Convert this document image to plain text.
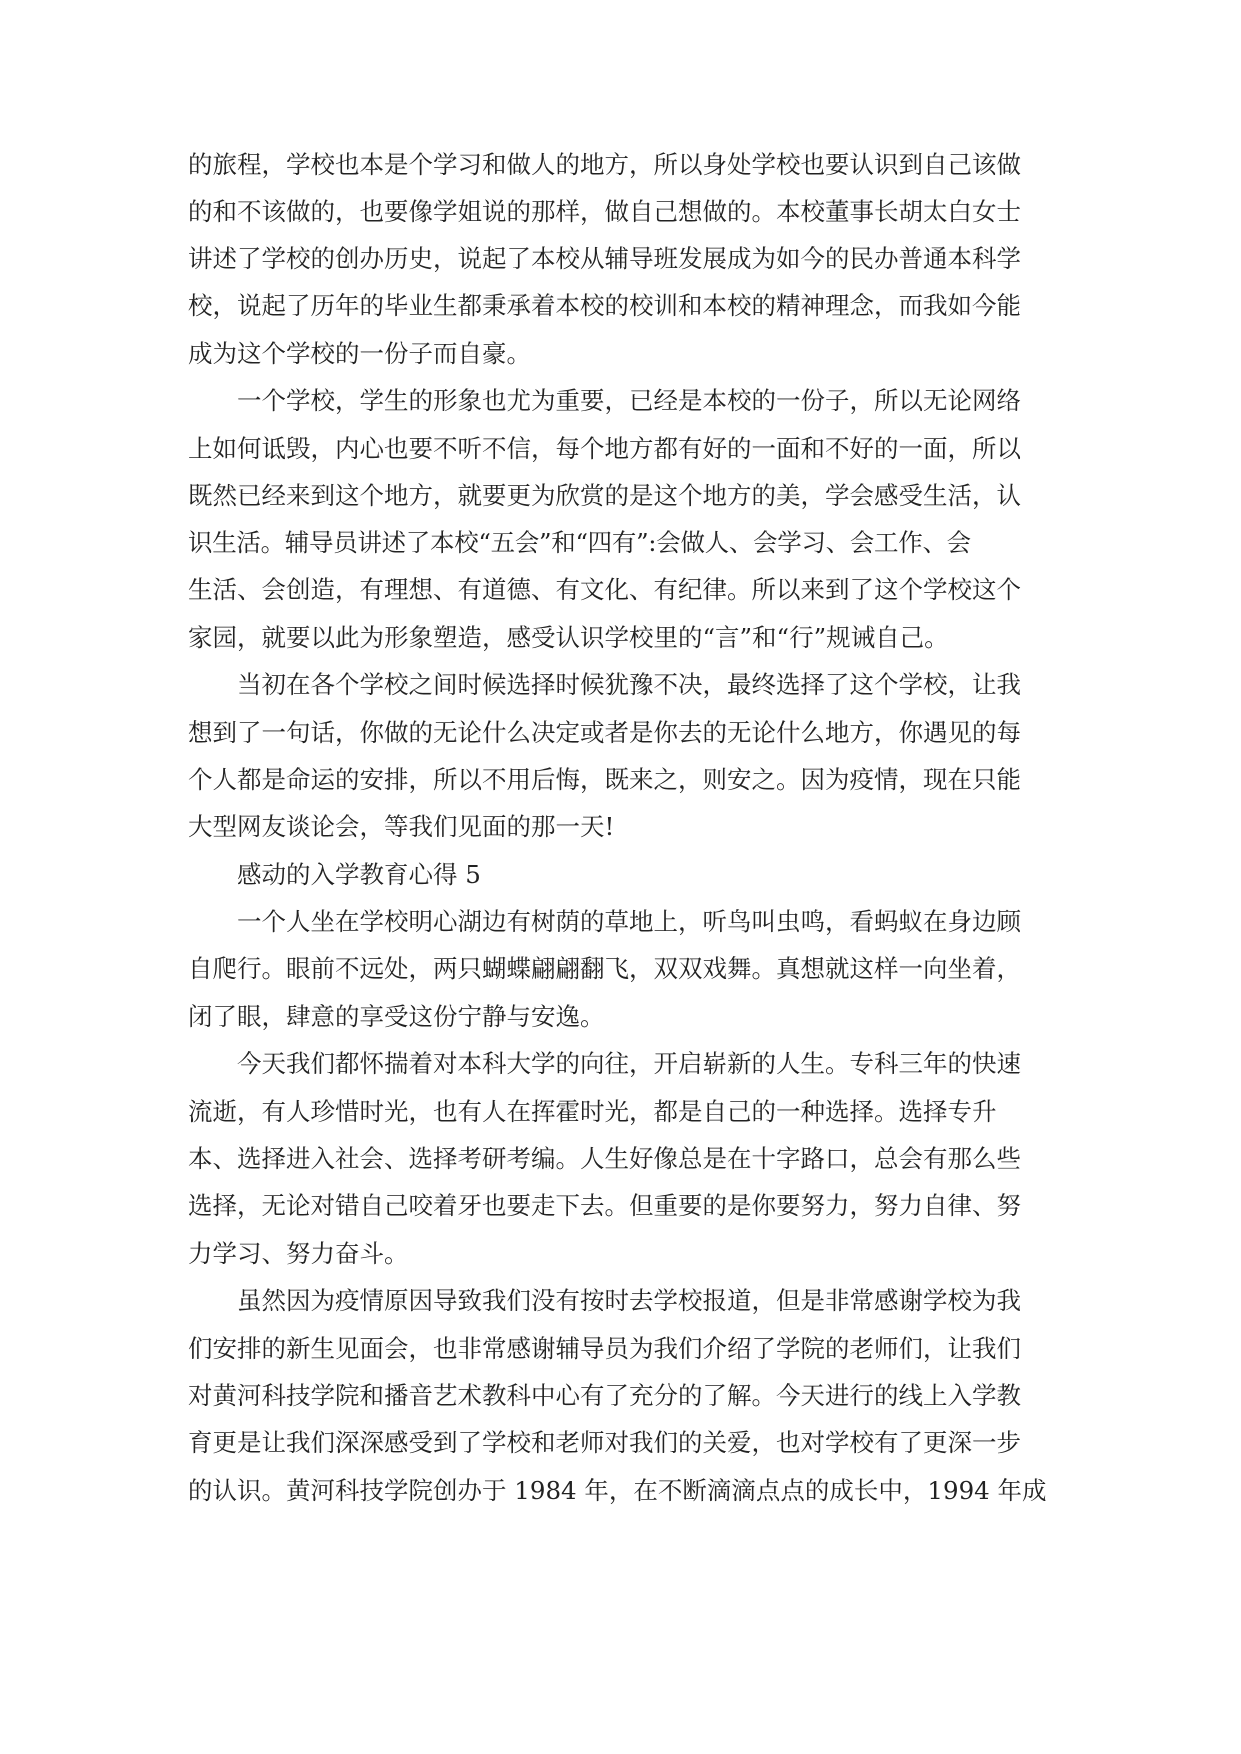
的旅程，学校也本是个学习和做人的地方，所以身处学校也要认识到自己该做
的和不该做的，也要像学姐说的那样，做自己想做的。本校董事长胡太白女士
讲述了学校的创办历史，说起了本校从辅导班发展成为如今的民办普通本科学
校，说起了历年的毕业生都秉承着本校的校训和本校的精神理念，而我如今能
成为这个学校的一份子而自豪。
一个学校，学生的形象也尤为重要，已经是本校的一份子，所以无论网络
上如何诋毁，内心也要不听不信，每个地方都有好的一面和不好的一面，所以
既然已经来到这个地方，就要更为欣赏的是这个地方的美，学会感受生活，认
识生活。辅导员讲述了本校“五会”和“四有”:会做人、会学习、会工作、会
生活、会创造，有理想、有道德、有文化、有纪律。所以来到了这个学校这个
家园，就要以此为形象塑造，感受认识学校里的“言”和“行”规诫自己。
当初在各个学校之间时候选择时候犹豫不决，最终选择了这个学校，让我
想到了一句话，你做的无论什么决定或者是你去的无论什么地方，你遇见的每
个人都是命运的安排，所以不用后悔，既来之，则安之。因为疫情，现在只能
大型网友谈论会，等我们见面的那一天!
感动的入学教育心得 5
一个人坐在学校明心湖边有树荫的草地上，听鸟叫虫鸣，看蚂蚁在身边顾
自爬行。眼前不远处，两只蝴蝶翩翩翻飞，双双戏舞。真想就这样一向坐着，
闭了眼，肆意的享受这份宁静与安逸。
今天我们都怀揣着对本科大学的向往，开启崭新的人生。专科三年的快速
流逝，有人珍惜时光，也有人在挥霍时光，都是自己的一种选择。选择专升
本、选择进入社会、选择考研考编。人生好像总是在十字路口，总会有那么些
选择，无论对错自己咬着牙也要走下去。但重要的是你要努力，努力自律、努
力学习、努力奋斗。
虽然因为疫情原因导致我们没有按时去学校报道，但是非常感谢学校为我
们安排的新生见面会，也非常感谢辅导员为我们介绍了学院的老师们，让我们
对黄河科技学院和播音艺术教科中心有了充分的了解。今天进行的线上入学教
育更是让我们深深感受到了学校和老师对我们的关爱，也对学校有了更深一步
的认识。黄河科技学院创办于 1984 年，在不断滴滴点点的成长中，1994 年成
